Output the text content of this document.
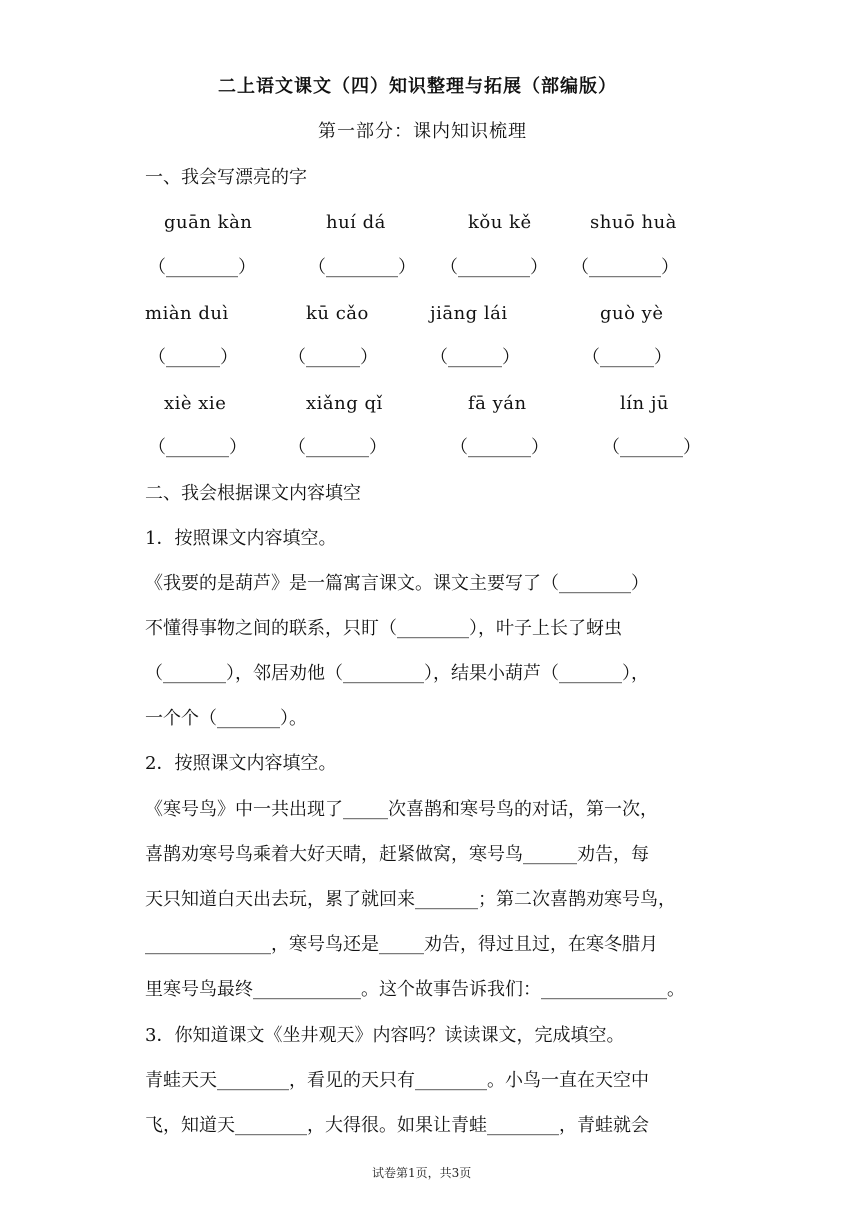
二上语文课文（四）知识整理与拓展（部编版）
第一部分：课内知识梳理
一、我会写漂亮的字
guān kàn	huí dá	kǒu kě	shuō huà
（________）	（________） （________） （________）
miàn duì	kū cǎo	jiāng lái	guò yè
（______）	（______）	（______）	（______）
xiè xie	xiǎng qǐ	fā yán	lín jū
（_______） （_______）	（_______）	（_______）
二、我会根据课文内容填空
1．按照课文内容填空。
《我要的是葫芦》是一篇寓言课文。课文主要写了（________）
不懂得事物之间的联系，只盯（________），叶子上长了蚜虫
（_______），邻居劝他（_________），结果小葫芦（_______），
一个个（_______）。
2．按照课文内容填空。
《寒号鸟》中一共出现了_____次喜鹊和寒号鸟的对话，第一次，
喜鹊劝寒号鸟乘着大好天晴，赶紧做窝，寒号鸟______劝告，每
天只知道白天出去玩，累了就回来_______；第二次喜鹊劝寒号鸟，
______________，寒号鸟还是_____劝告，得过且过，在寒冬腊月
里寒号鸟最终____________。这个故事告诉我们：______________。
3．你知道课文《坐井观天》内容吗？读读课文，完成填空。
青蛙天天________，看见的天只有________。小鸟一直在天空中
飞，知道天________，大得很。如果让青蛙________，青蛙就会
试卷第1页，共3页
